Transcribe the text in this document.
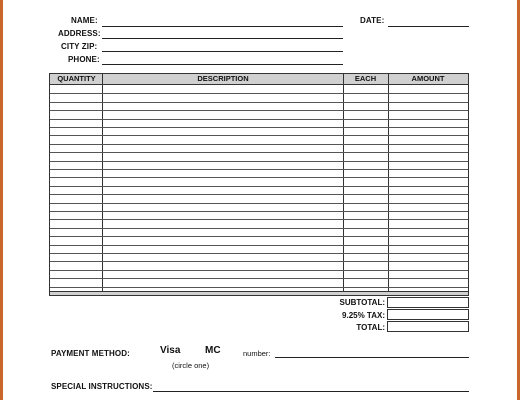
NAME:
ADDRESS:
CITY ZIP:
PHONE:
DATE:
QUANTITY	DESCRIPTION	EACH	AMOUNT
SUBTOTAL:
9.25% TAX:
TOTAL:
PAYMENT METHOD:	Visa MC
(circle one)
number:
SPECIAL INSTRUCTIONS:
